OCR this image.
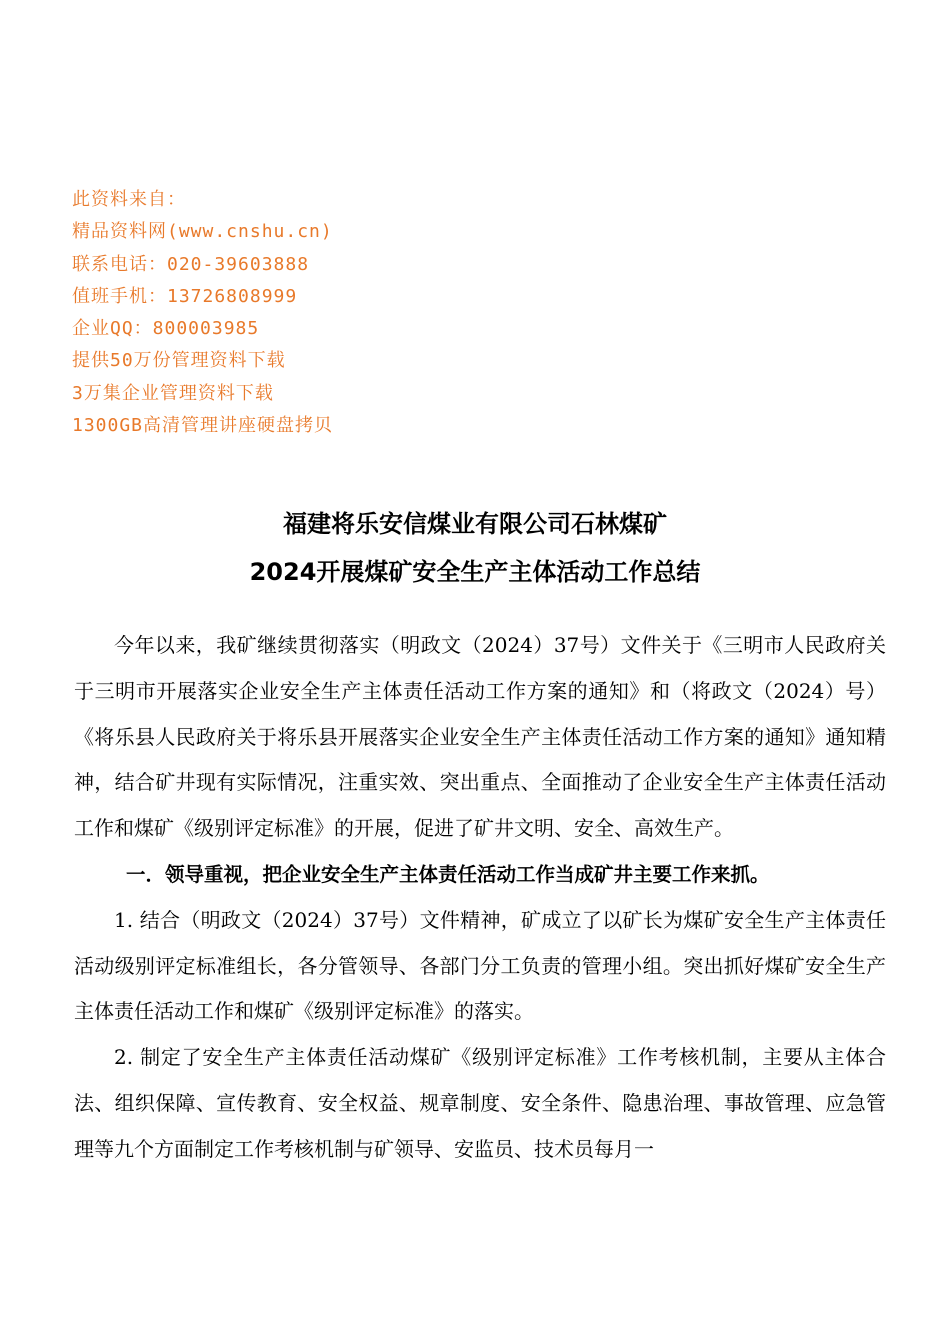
此资料来自：
精品资料网(www.cnshu.cn)
联系电话：020-39603888
值班手机：13726808999
企业QQ：800003985
提供50万份管理资料下载
3万集企业管理资料下载
1300GB高清管理讲座硬盘拷贝
福建将乐安信煤业有限公司石林煤矿
2024开展煤矿安全生产主体活动工作总结

今年以来，我矿继续贯彻落实（明政文（2024）37号）文件关于《三明市人民政府关于三明市开展落实企业安全生产主体责任活动工作方案的通知》和（将政文（2024）号）《将乐县人民政府关于将乐县开展落实企业安全生产主体责任活动工作方案的通知》通知精神，结合矿井现有实际情况，注重实效、突出重点、全面推动了企业安全生产主体责任活动工作和煤矿《级别评定标准》的开展，促进了矿井文明、安全、高效生产。

一．领导重视，把企业安全生产主体责任活动工作当成矿井主要工作来抓。

1. 结合（明政文（2024）37号）文件精神，矿成立了以矿长为煤矿安全生产主体责任活动级别评定标准组长，各分管领导、各部门分工负责的管理小组。突出抓好煤矿安全生产主体责任活动工作和煤矿《级别评定标准》的落实。

2. 制定了安全生产主体责任活动煤矿《级别评定标准》工作考核机制，主要从主体合法、组织保障、宣传教育、安全权益、规章制度、安全条件、隐患治理、事故管理、应急管理等九个方面制定工作考核机制与矿领导、安监员、技术员每月一
